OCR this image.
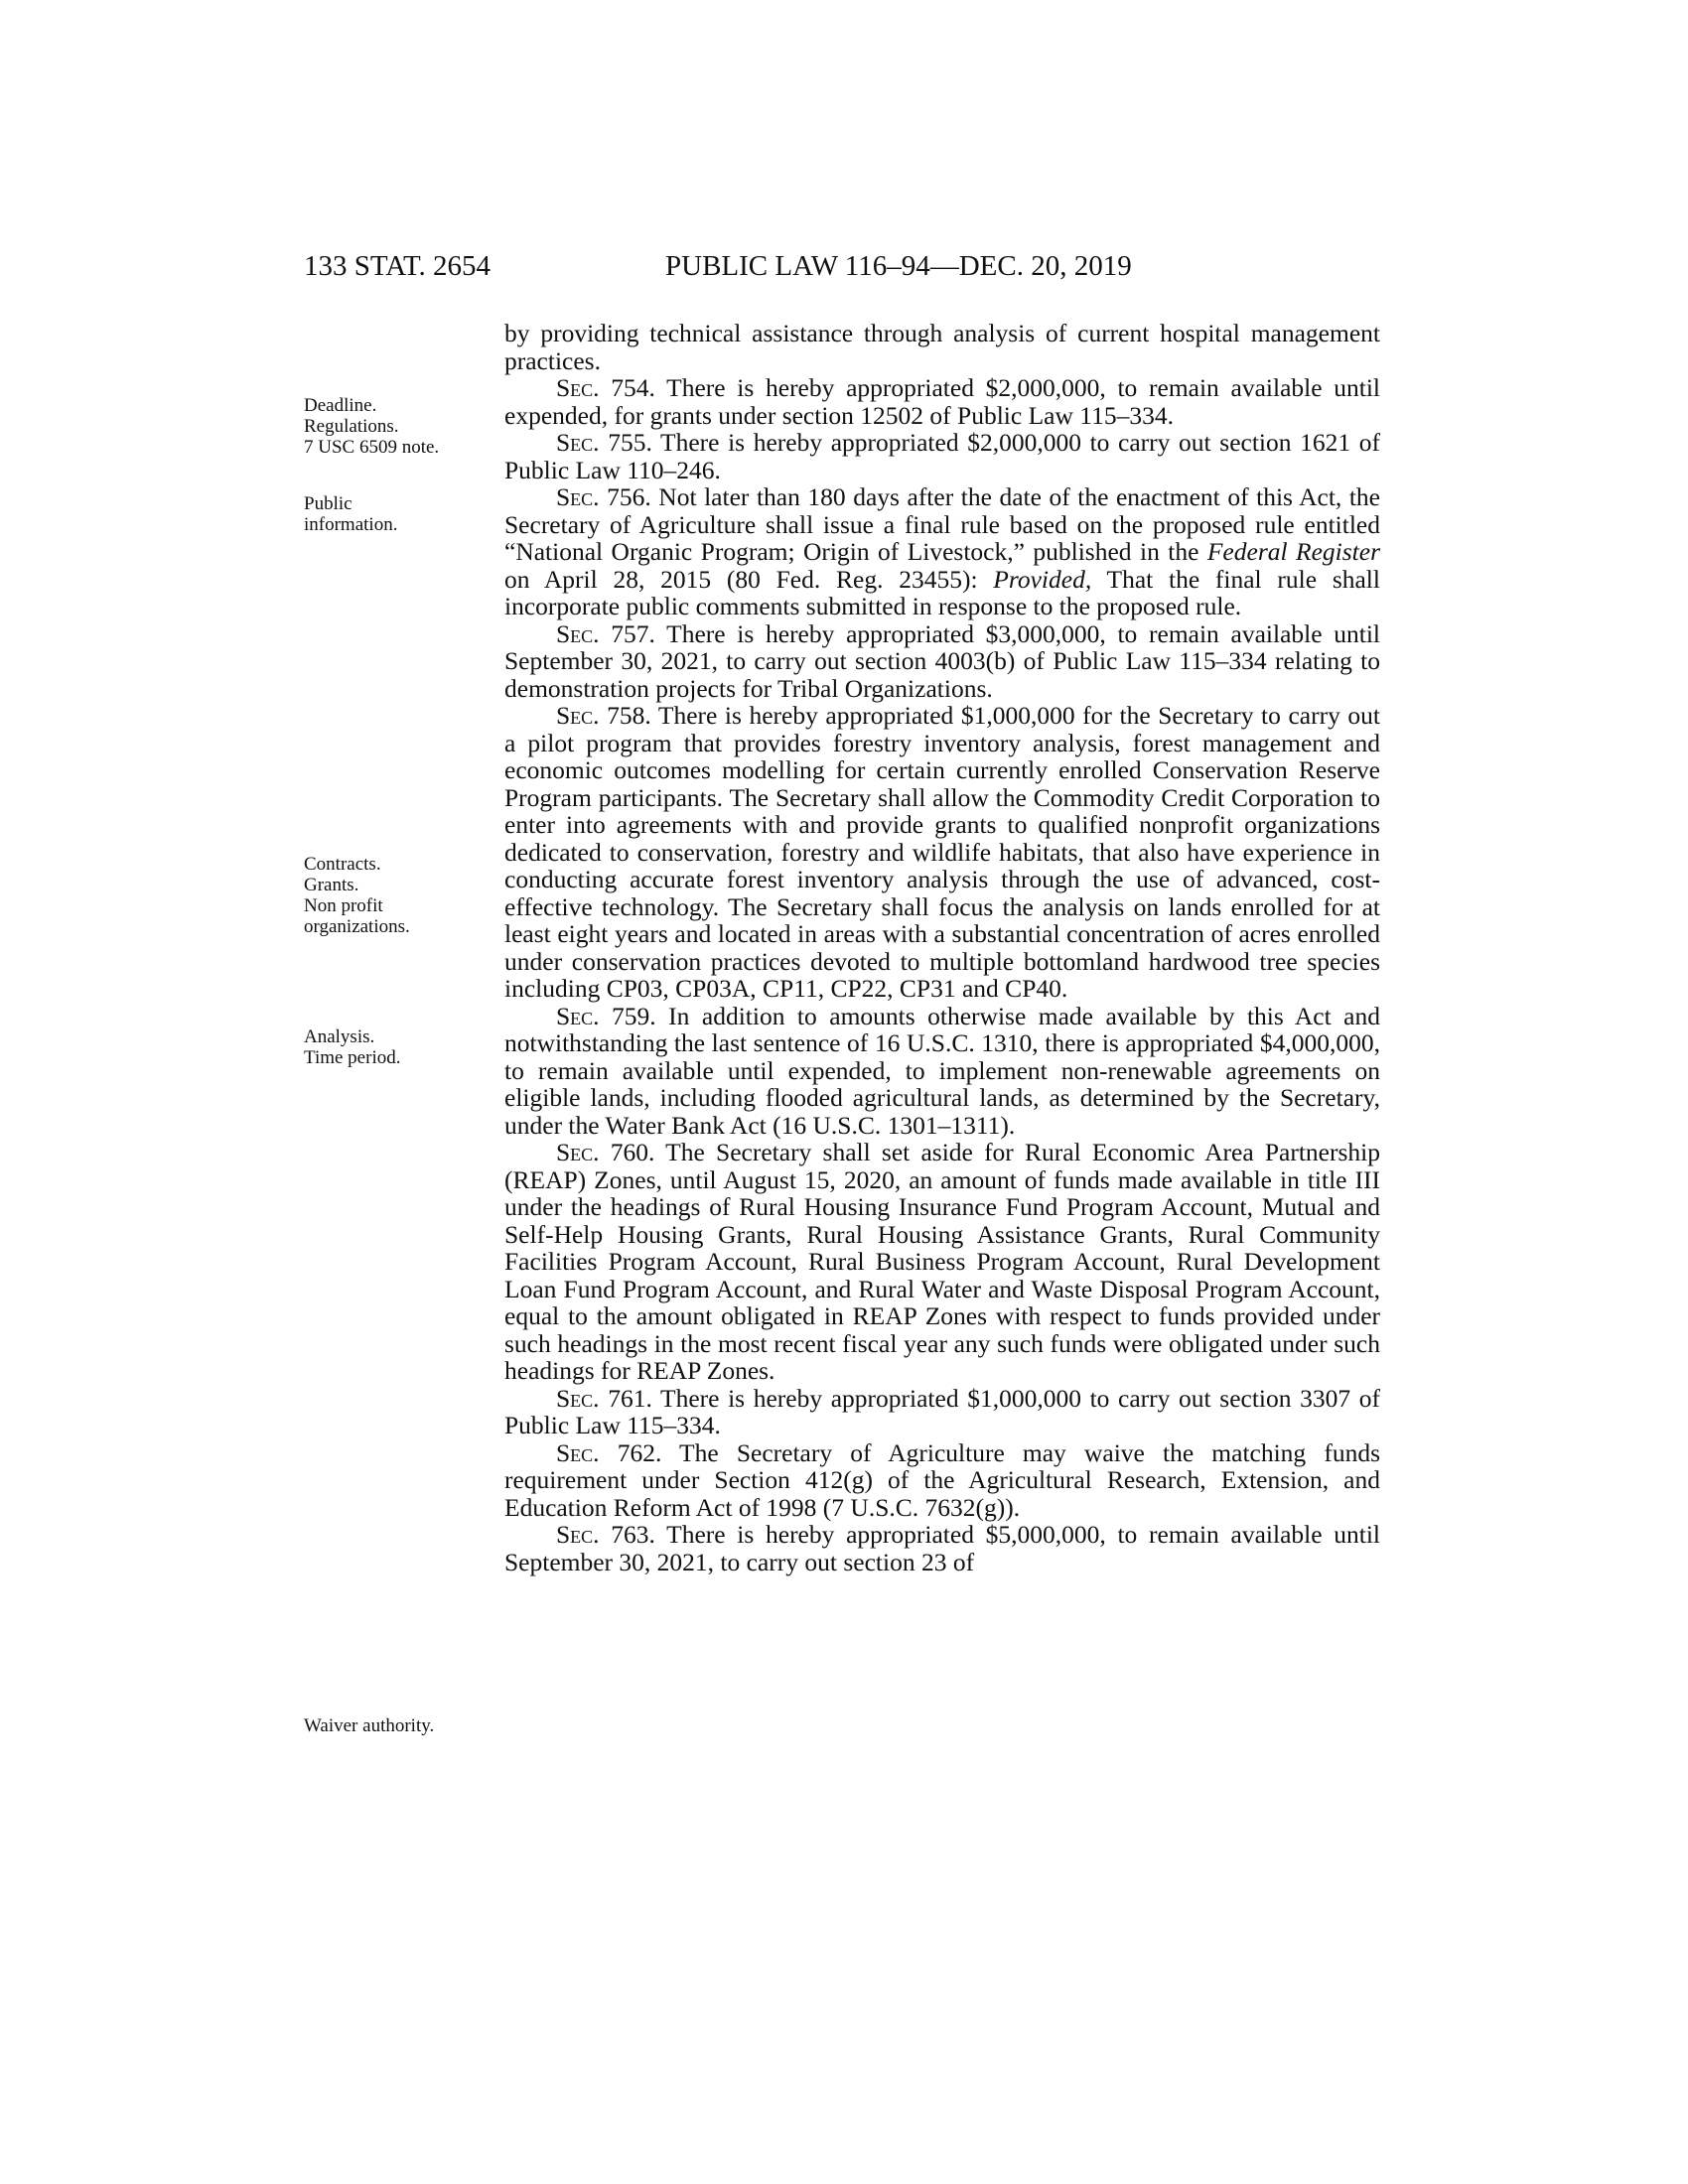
133 STAT. 2654	PUBLIC LAW 116–94—DEC. 20, 2019
Deadline.
Regulations.
7 USC 6509 note.
Public
information.
Contracts.
Grants.
Non profit
organizations.
Analysis.
Time period.
Waiver authority.

by providing technical assistance through analysis of current hospital management practices.

Sec. 754. There is hereby appropriated $2,000,000, to remain available until expended, for grants under section 12502 of Public Law 115–334.

Sec. 755. There is hereby appropriated $2,000,000 to carry out section 1621 of Public Law 110–246.

Sec. 756. Not later than 180 days after the date of the enactment of this Act, the Secretary of Agriculture shall issue a final rule based on the proposed rule entitled “National Organic Program; Origin of Livestock,” published in the Federal Register on April 28, 2015 (80 Fed. Reg. 23455): Provided, That the final rule shall incorporate public comments submitted in response to the proposed rule.

Sec. 757. There is hereby appropriated $3,000,000, to remain available until September 30, 2021, to carry out section 4003(b) of Public Law 115–334 relating to demonstration projects for Tribal Organizations.

Sec. 758. There is hereby appropriated $1,000,000 for the Secretary to carry out a pilot program that provides forestry inventory analysis, forest management and economic outcomes modelling for certain currently enrolled Conservation Reserve Program participants. The Secretary shall allow the Commodity Credit Corporation to enter into agreements with and provide grants to qualified nonprofit organizations dedicated to conservation, forestry and wildlife habitats, that also have experience in conducting accurate forest inventory analysis through the use of advanced, cost-effective technology. The Secretary shall focus the analysis on lands enrolled for at least eight years and located in areas with a substantial concentration of acres enrolled under conservation practices devoted to multiple bottomland hardwood tree species including CP03, CP03A, CP11, CP22, CP31 and CP40.

Sec. 759. In addition to amounts otherwise made available by this Act and notwithstanding the last sentence of 16 U.S.C. 1310, there is appropriated $4,000,000, to remain available until expended, to implement non-renewable agreements on eligible lands, including flooded agricultural lands, as determined by the Secretary, under the Water Bank Act (16 U.S.C. 1301–1311).

Sec. 760. The Secretary shall set aside for Rural Economic Area Partnership (REAP) Zones, until August 15, 2020, an amount of funds made available in title III under the headings of Rural Housing Insurance Fund Program Account, Mutual and Self-Help Housing Grants, Rural Housing Assistance Grants, Rural Community Facilities Program Account, Rural Business Program Account, Rural Development Loan Fund Program Account, and Rural Water and Waste Disposal Program Account, equal to the amount obligated in REAP Zones with respect to funds provided under such headings in the most recent fiscal year any such funds were obligated under such headings for REAP Zones.

Sec. 761. There is hereby appropriated $1,000,000 to carry out section 3307 of Public Law 115–334.

Sec. 762. The Secretary of Agriculture may waive the matching funds requirement under Section 412(g) of the Agricultural Research, Extension, and Education Reform Act of 1998 (7 U.S.C. 7632(g)).

Sec. 763. There is hereby appropriated $5,000,000, to remain available until September 30, 2021, to carry out section 23 of
